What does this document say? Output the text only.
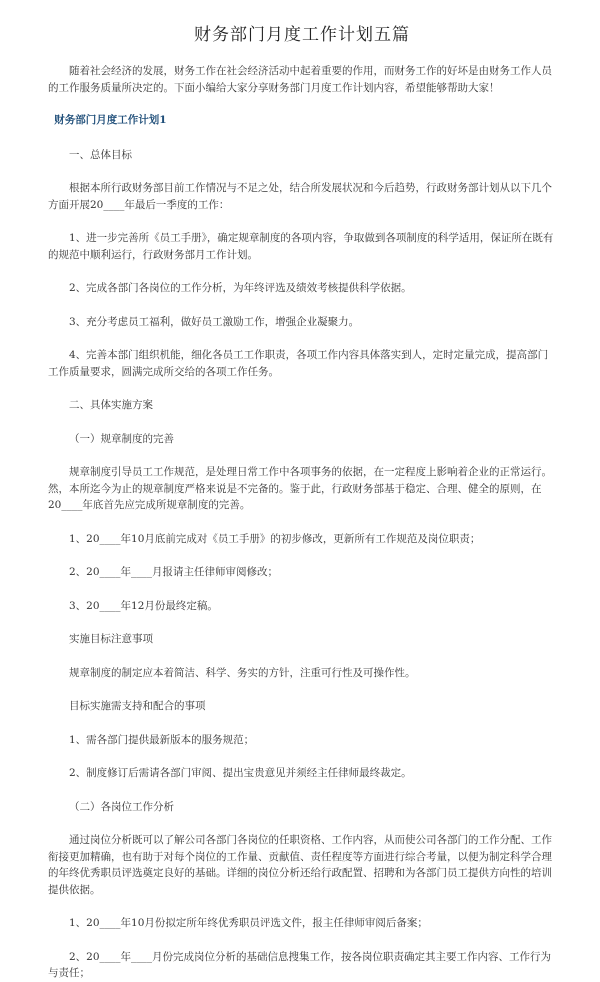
财务部门月度工作计划五篇

随着社会经济的发展，财务工作在社会经济活动中起着重要的作用，而财务工作的好坏是由财务工作人员的工作服务质量所决定的。下面小编给大家分享财务部门月度工作计划内容，希望能够帮助大家！

财务部门月度工作计划1

一、总体目标

根据本所行政财务部目前工作情况与不足之处，结合所发展状况和今后趋势，行政财务部计划从以下几个方面开展20____年最后一季度的工作：

1、进一步完善所《员工手册》，确定规章制度的各项内容，争取做到各项制度的科学适用，保证所在既有的规范中顺利运行，行政财务部月工作计划。

2、完成各部门各岗位的工作分析，为年终评选及绩效考核提供科学依据。

3、充分考虑员工福利，做好员工激励工作，增强企业凝聚力。

4、完善本部门组织机能，细化各员工工作职责，各项工作内容具体落实到人，定时定量完成，提高部门工作质量要求，圆满完成所交给的各项工作任务。

二、具体实施方案

（一）规章制度的完善

规章制度引导员工工作规范，是处理日常工作中各项事务的依据，在一定程度上影响着企业的正常运行。然，本所迄今为止的规章制度严格来说是不完备的。鉴于此，行政财务部基于稳定、合理、健全的原则，在20____年底首先应完成所规章制度的完善。

1、20____年10月底前完成对《员工手册》的初步修改，更新所有工作规范及岗位职责；

2、20____年____月报请主任律师审阅修改；

3、20____年12月份最终定稿。

实施目标注意事项

规章制度的制定应本着简洁、科学、务实的方针，注重可行性及可操作性。

目标实施需支持和配合的事项

1、需各部门提供最新版本的服务规范；

2、制度修订后需请各部门审阅、提出宝贵意见并须经主任律师最终裁定。

（二）各岗位工作分析

通过岗位分析既可以了解公司各部门各岗位的任职资格、工作内容，从而使公司各部门的工作分配、工作衔接更加精确，也有助于对每个岗位的工作量、贡献值、责任程度等方面进行综合考量，以便为制定科学合理的年终优秀职员评选奠定良好的基础。详细的岗位分析还给行政配置、招聘和为各部门员工提供方向性的培训提供依据。

1、20____年10月份拟定所年终优秀职员评选文件，报主任律师审阅后备案；

2、20____年____月份完成岗位分析的基础信息搜集工作，按各岗位职责确定其主要工作内容、工作行为与责任；
